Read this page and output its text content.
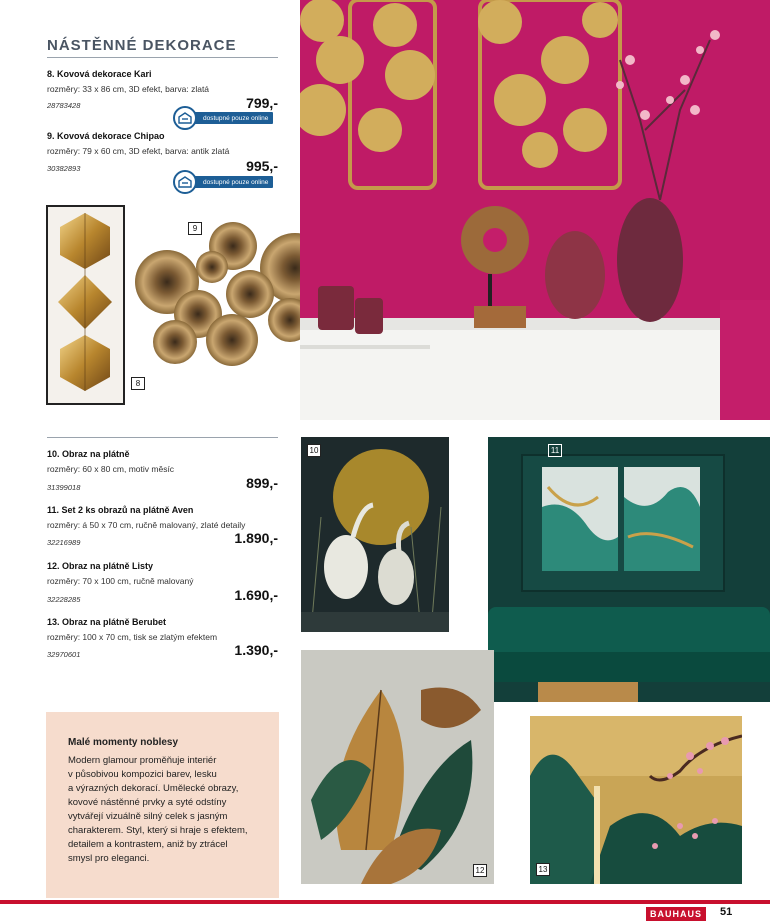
NÁSTĚNNÉ DEKORACE
8. Kovová dekorace Kari
rozměry: 33 x 86 cm, 3D efekt, barva: zlatá
28783428	799,-
dostupné pouze online
9. Kovová dekorace Chipao
rozměry: 79 x 60 cm, 3D efekt, barva: antik zlatá
30382893	995,-
dostupné pouze online
8
9
10. Obraz na plátně
rozměry: 60 x 80 cm, motiv měsíc
31399018	899,-
11. Set 2 ks obrazů na plátně Aven
rozměry: á 50 x 70 cm, ručně malovaný, zlaté detaily
32216989	1.890,-
12. Obraz na plátně Listy
rozměry: 70 x 100 cm, ručně malovaný
32228285	1.690,-
13. Obraz na plátně Berubet
rozměry: 100 x 70 cm, tisk se zlatým efektem
32970601	1.390,-
Malé momenty noblesy
Modern glamour proměňuje interiér
v působivou kompozici barev, lesku
a výrazných dekorací. Umělecké obrazy,
kovové nástěnné prvky a syté odstíny
vytvářejí vizuálně silný celek s jasným
charakterem. Styl, který si hraje s efektem,
detailem a kontrastem, aniž by ztrácel
smysl pro eleganci.
10	11
12	13
BAUHAUS	51
